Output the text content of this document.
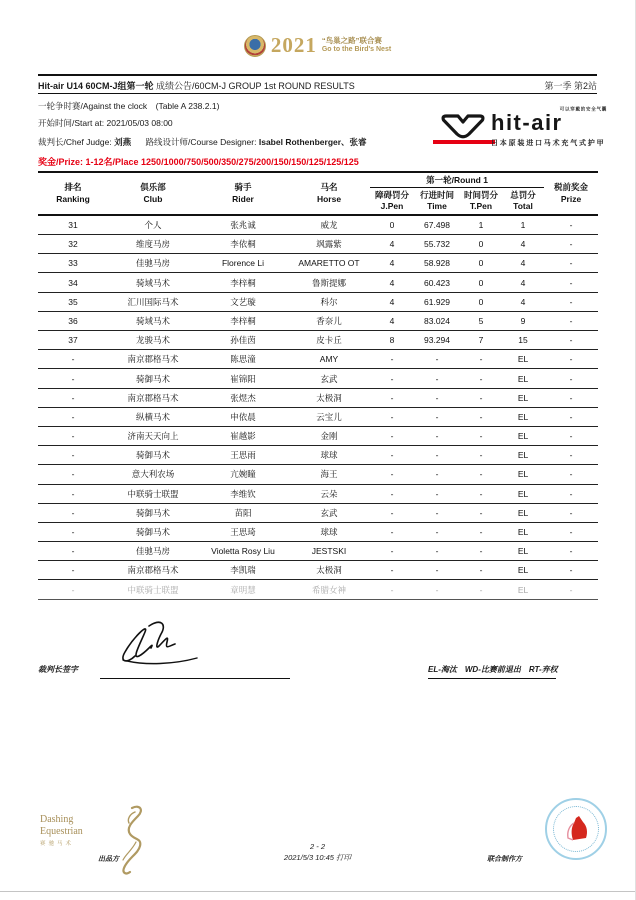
2021 “鸟巢之路”联合赛
Go to the Bird's Nest
Hit-air U14 60CM-J组第一轮 成绩公告/60CM-J GROUP 1st ROUND RESULTS	第一季 第2站
一轮争时赛/Against the clock　(Table A 238.2.1)
开始时间/Start at: 2021/05/03 08:00
裁判长/Chef Judge: 刘燕 路线设计师/Course Designer: Isabel Rothenberger、张睿
奖金/Prize: 1-12名/Place 1250/1000/750/500/350/275/200/150/150/125/125/125
可以穿戴的安全气囊
hit-air
日本原装进口马术充气式护甲
排名
Ranking

俱乐部
Club

骑手
Rider

马名
Horse
	第一轮/Round 1	
税前奖金
Prize

障碍罚分
J.Pen

行进时间
Time

时间罚分
T.Pen

总罚分
Total

31	个人	张兆诚	威龙	0	67.498	1	1	-
32	维度马房	李依桐	飒露紫	4	55.732	0	4	-
33	佳驰马房	Florence Li	AMARETTO OT	4	58.928	0	4	-
34	骑域马术	李梓桐	鲁斯提娜	4	60.423	0	4	-
35	汇川国际马术	文艺璇	科尔	4	61.929	0	4	-
36	骑域马术	李梓桐	香奈儿	4	83.024	5	9	-
37	龙骏马术	孙佳茵	皮卡丘	8	93.294	7	15	-
-	南京郡格马术	陈思潼	AMY	-	-	-	EL	-
-	骑御马术	崔锦阳	玄武	-	-	-	EL	-
-	南京郡格马术	张煜杰	太极洞	-	-	-	EL	-
-	纵横马术	申依晨	云宝儿	-	-	-	EL	-
-	济南天天向上	崔越影	金刚	-	-	-	EL	-
-	骑御马术	王思雨	球球	-	-	-	EL	-
-	意大利农场	亢婉瞳	海王	-	-	-	EL	-
-	中联骑士联盟	李维钦	云朵	-	-	-	EL	-
-	骑御马术	苗阳	玄武	-	-	-	EL	-
-	骑御马术	王思琦	球球	-	-	-	EL	-
-	佳驰马房	Violetta Rosy Liu	JESTSKI	-	-	-	EL	-
-	南京郡格马术	李凯瑞	太极洞	-	-	-	EL	-
-	中联骑士联盟	章明慧	希腊女神	-	-	-	EL	-
裁判长签字	EL-淘汰　WD-比赛前退出　RT-弃权
Dashing
Equestrian
赛驰马术
出品方
2 - 2
2021/5/3 10:45 打印	联合制作方
